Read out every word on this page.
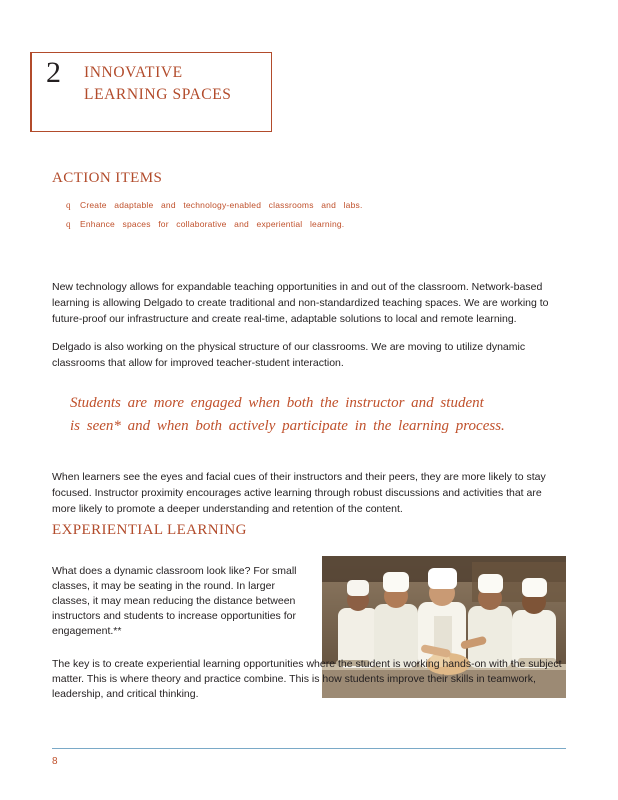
2 INNOVATIVE
LEARNING SPACES
ACTION ITEMS
q	Create adaptable and technology-enabled classrooms and labs.
q	Enhance spaces for collaborative and experiential learning.

New technology allows for expandable teaching opportunities in and out of the classroom. Network-based learning is allowing Delgado to create traditional and non-standardized teaching spaces. We are working to future-proof our infrastructure and create real-time, adaptable solutions to local and remote learning.

Delgado is also working on the physical structure of our classrooms. We are moving to utilize dynamic classrooms that allow for improved teacher-student interaction.

Students are more engaged when both the instructor and student
is seen* and when both actively participate in the learning process.

When learners see the eyes and facial cues of their instructors and their peers, they are more likely to stay focused. Instructor proximity encourages active learning through robust discussions and activities that are more likely to promote a deeper understanding and retention of the content.

EXPERIENTIAL LEARNING

What does a dynamic classroom look like? For small classes, it may be seating in the round. In larger classes, it may mean reducing the distance between instructors and students to increase opportunities for engagement.**

The key is to create experiential learning opportunities where the student is working hands-on with the subject matter. This is where theory and practice combine. This is how students improve their skills in teamwork, leadership, and critical thinking.

8
